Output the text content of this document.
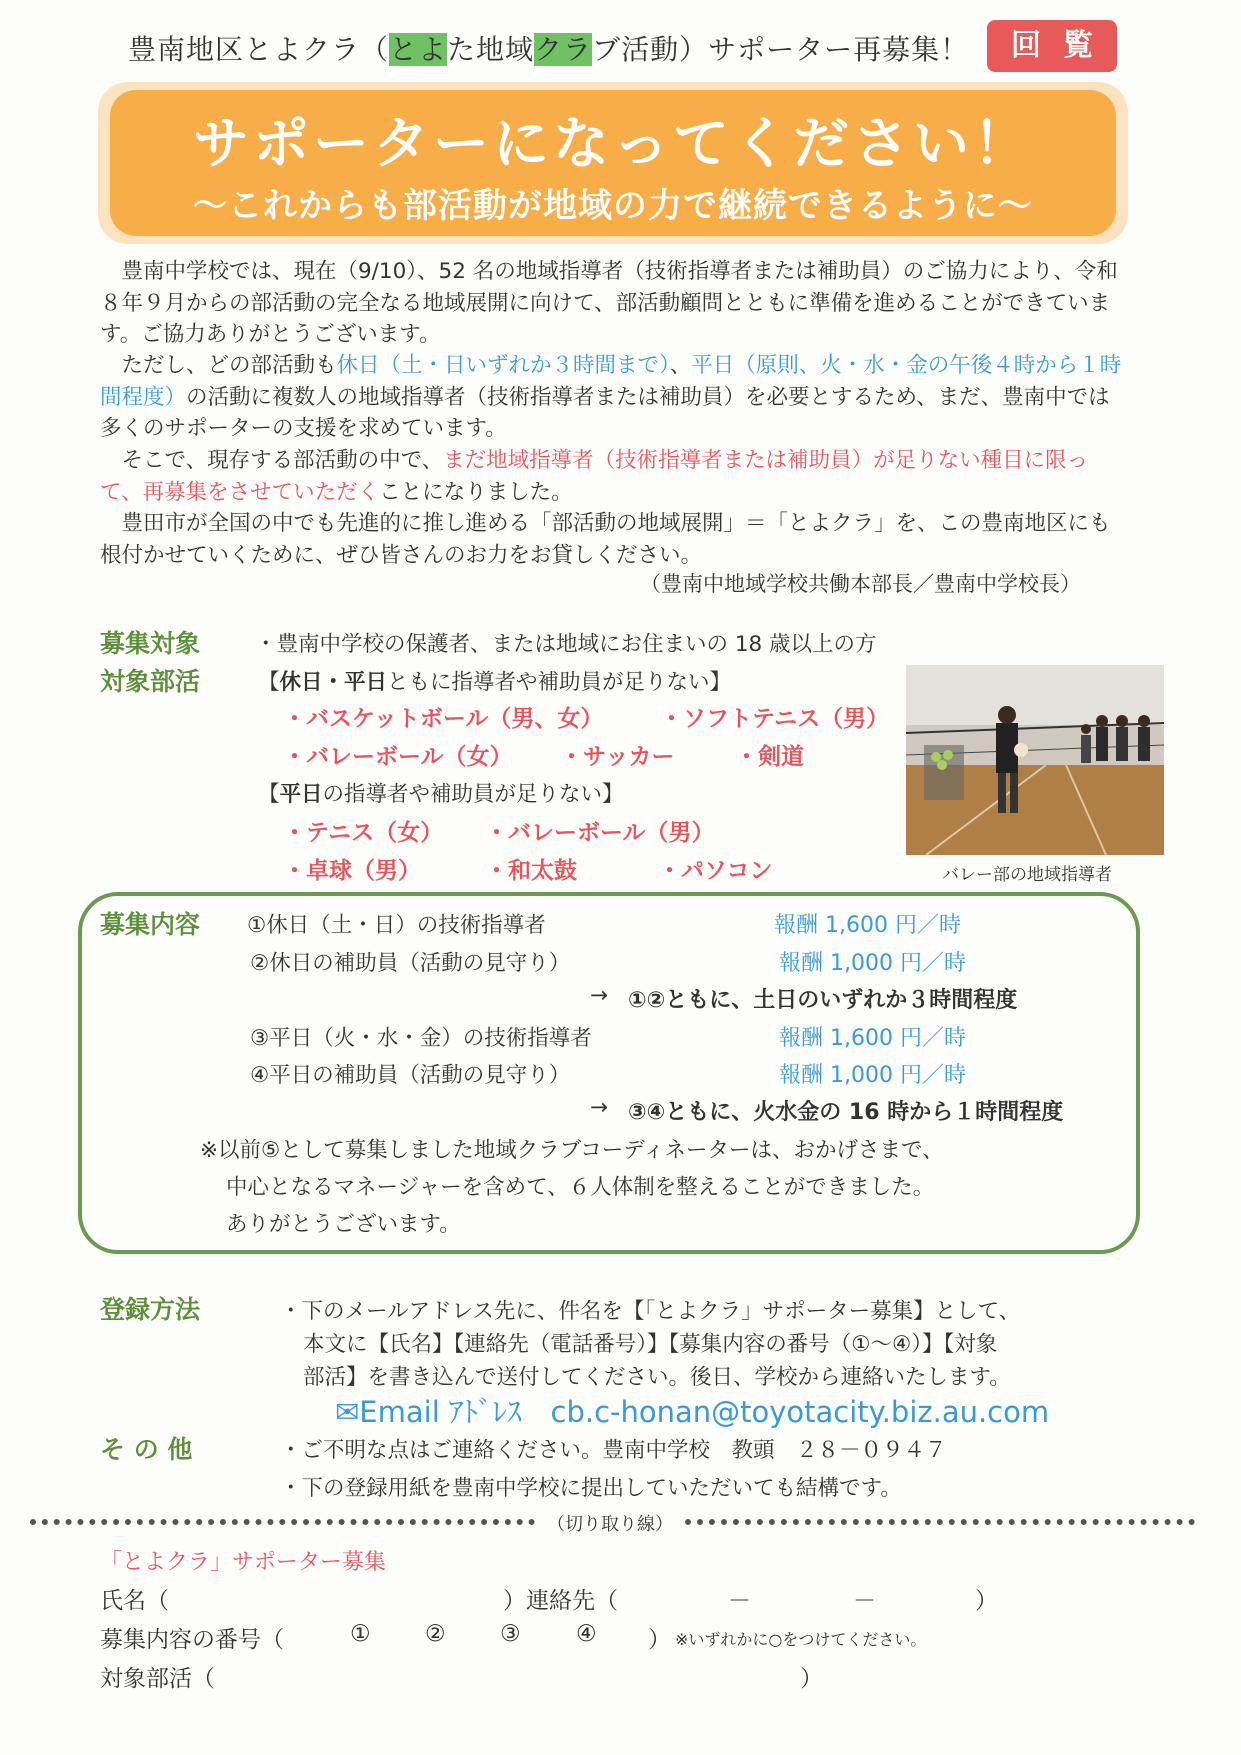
豊南地区とよクラ（とよた地域クラブ活動）サポーター再募集！	回覧
サポーターになってください！
～これからも部活動が地域の力で継続できるように～
　豊南中学校では、現在（9/10）、52 名の地域指導者（技術指導者または補助員）のご協力により、令和８年９月からの部活動の完全なる地域展開に向けて、部活動顧問とともに準備を進めることができています。ご協力ありがとうございます。
　ただし、どの部活動も休日（土・日いずれか３時間まで）、平日（原則、火・水・金の午後４時から１時間程度）の活動に複数人の地域指導者（技術指導者または補助員）を必要とするため、まだ、豊南中では多くのサポーターの支援を求めています。
　そこで、現存する部活動の中で、まだ地域指導者（技術指導者または補助員）が足りない種目に限って、再募集をさせていただくことになりました。
　豊田市が全国の中でも先進的に推し進める「部活動の地域展開」＝「とよクラ」を、この豊南地区にも根付かせていくために、ぜひ皆さんのお力をお貸しください。
（豊南中地域学校共働本部長／豊南中学校長）
募集対象	・豊南中学校の保護者、または地域にお住まいの 18 歳以上の方
対象部活	【休日・平日ともに指導者や補助員が足りない】
・バスケットボール（男、女） ・ソフトテニス（男）
・バレーボール（女） ・サッカー	・剣道
【平日の指導者や補助員が足りない】
・テニス（女） ・バレーボール（男）
・卓球（男）	・和太鼓	・パソコン	バレー部の地域指導者
募集内容 ①休日（土・日）の技術指導者	報酬 1,600 円／時
②休日の補助員（活動の見守り）	報酬 1,000 円／時
→ ①②ともに、土日のいずれか３時間程度
③平日（火・水・金）の技術指導者	報酬 1,600 円／時
④平日の補助員（活動の見守り）	報酬 1,000 円／時
→ ③④ともに、火水金の 16 時から１時間程度
※以前⑤として募集しました地域クラブコーディネーターは、おかげさまで、
中心となるマネージャーを含めて、６人体制を整えることができました。
ありがとうございます。
登録方法	・下のメールアドレス先に、件名を【「とよクラ」サポーター募集】として、
本文に【氏名】【連絡先（電話番号）】【募集内容の番号（①～④）】【対象
部活】を書き込んで送付してください。後日、学校から連絡いたします。
✉Email ｱﾄﾞﾚｽ　 cb.c-honan@toyotacity.biz.au.com
そ の 他	・ご不明な点はご連絡ください。豊南中学校　教頭　２８－０９４７
・下の登録用紙を豊南中学校に提出していただいても結構です。
（切り取り線）
「とよクラ」サポーター募集
氏名（	）連絡先（	－	－	）
募集内容の番号（	① ② ③ ④ ） ※いずれかに○をつけてください。
対象部活（	）
